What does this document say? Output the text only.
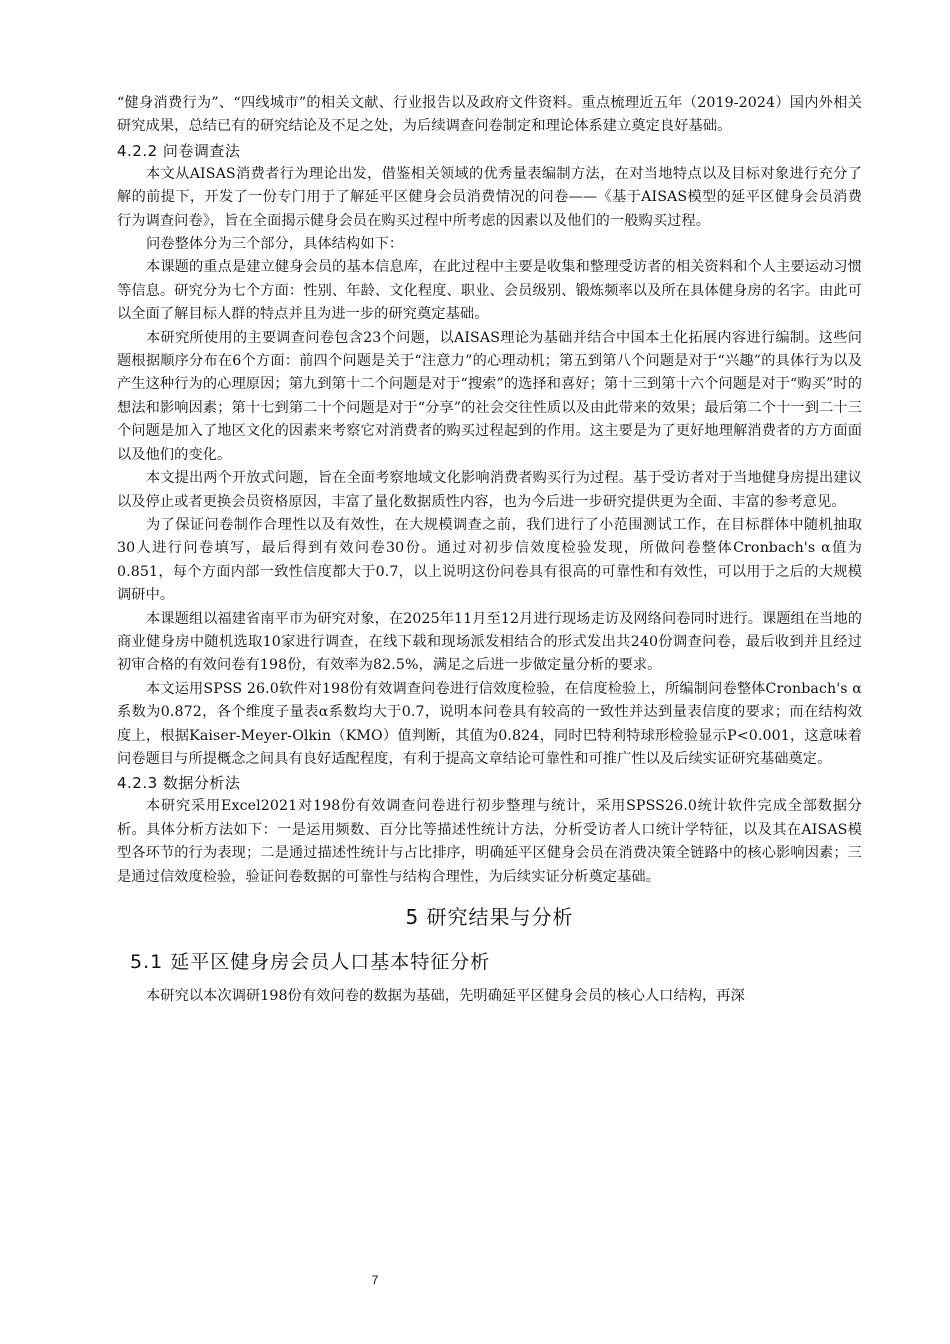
“健身消费行为”、“四线城市”的相关文献、行业报告以及政府文件资料。重点梳理近五年（2019-2024）国内外相关研究成果，总结已有的研究结论及不足之处，为后续调查问卷制定和理论体系建立奠定良好基础。

4.2.2 问卷调查法

本文从AISAS消费者行为理论出发，借鉴相关领域的优秀量表编制方法，在对当地特点以及目标对象进行充分了解的前提下，开发了一份专门用于了解延平区健身会员消费情况的问卷——《基于AISAS模型的延平区健身会员消费行为调查问卷》，旨在全面揭示健身会员在购买过程中所考虑的因素以及他们的一般购买过程。

问卷整体分为三个部分，具体结构如下：

本课题的重点是建立健身会员的基本信息库，在此过程中主要是收集和整理受访者的相关资料和个人主要运动习惯等信息。研究分为七个方面：性别、年龄、文化程度、职业、会员级别、锻炼频率以及所在具体健身房的名字。由此可以全面了解目标人群的特点并且为进一步的研究奠定基础。

本研究所使用的主要调查问卷包含23个问题，以AISAS理论为基础并结合中国本土化拓展内容进行编制。这些问题根据顺序分布在6个方面：前四个问题是关于“注意力”的心理动机；第五到第八个问题是对于“兴趣”的具体行为以及产生这种行为的心理原因；第九到第十二个问题是对于“搜索”的选择和喜好；第十三到第十六个问题是对于“购买”时的想法和影响因素；第十七到第二十个问题是对于“分享”的社会交往性质以及由此带来的效果；最后第二个十一到二十三个问题是加入了地区文化的因素来考察它对消费者的购买过程起到的作用。这主要是为了更好地理解消费者的方方面面以及他们的变化。

本文提出两个开放式问题，旨在全面考察地域文化影响消费者购买行为过程。基于受访者对于当地健身房提出建议以及停止或者更换会员资格原因，丰富了量化数据质性内容，也为今后进一步研究提供更为全面、丰富的参考意见。

为了保证问卷制作合理性以及有效性，在大规模调查之前，我们进行了小范围测试工作，在目标群体中随机抽取30人进行问卷填写，最后得到有效问卷30份。通过对初步信效度检验发现，所做问卷整体Cronbach's α值为0.851，每个方面内部一致性信度都大于0.7，以上说明这份问卷具有很高的可靠性和有效性，可以用于之后的大规模调研中。

本课题组以福建省南平市为研究对象，在2025年11月至12月进行现场走访及网络问卷同时进行。课题组在当地的商业健身房中随机选取10家进行调查，在线下载和现场派发相结合的形式发出共240份调查问卷，最后收到并且经过初审合格的有效问卷有198份，有效率为82.5%，满足之后进一步做定量分析的要求。

本文运用SPSS 26.0软件对198份有效调查问卷进行信效度检验，在信度检验上，所编制问卷整体Cronbach's α系数为0.872，各个维度子量表α系数均大于0.7，说明本问卷具有较高的一致性并达到量表信度的要求；而在结构效度上，根据Kaiser-Meyer-Olkin（KMO）值判断，其值为0.824，同时巴特利特球形检验显示P<0.001，这意味着问卷题目与所提概念之间具有良好适配程度，有利于提高文章结论可靠性和可推广性以及后续实证研究基础奠定。

4.2.3 数据分析法

本研究采用Excel2021对198份有效调查问卷进行初步整理与统计，采用SPSS26.0统计软件完成全部数据分析。具体分析方法如下：一是运用频数、百分比等描述性统计方法，分析受访者人口统计学特征，以及其在AISAS模型各环节的行为表现；二是通过描述性统计与占比排序，明确延平区健身会员在消费决策全链路中的核心影响因素；三是通过信效度检验，验证问卷数据的可靠性与结构合理性，为后续实证分析奠定基础。

5 研究结果与分析
5.1 延平区健身房会员人口基本特征分析

本研究以本次调研198份有效问卷的数据为基础，先明确延平区健身会员的核心人口结构，再深

7
